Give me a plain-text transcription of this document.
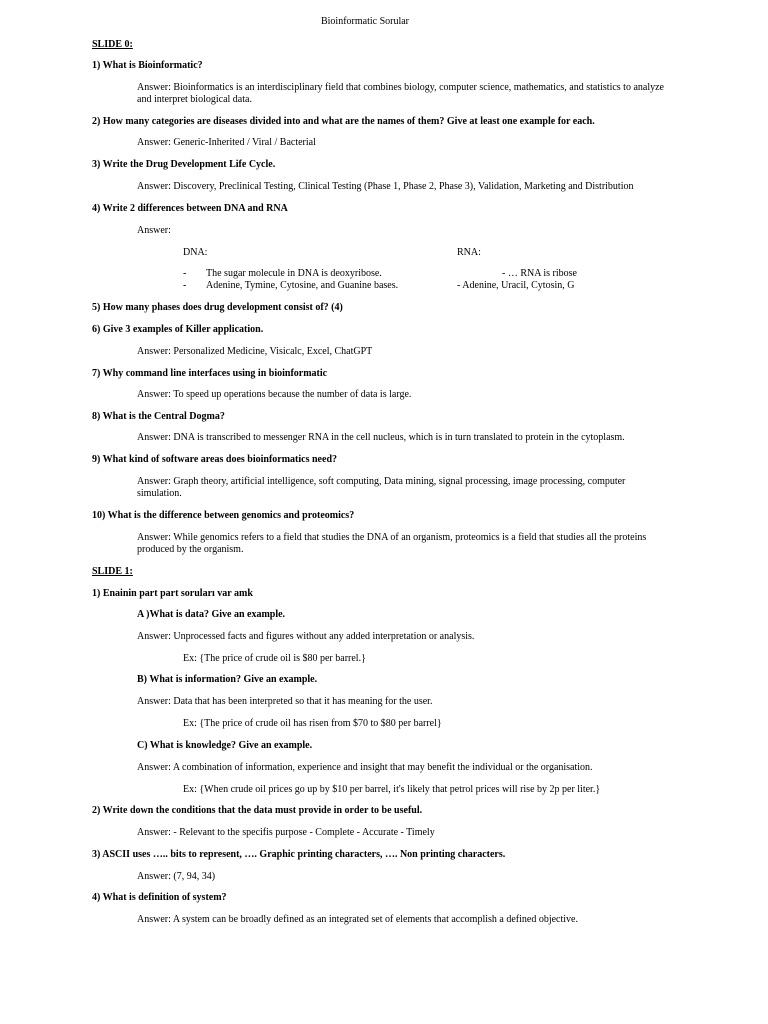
Bioinformatic Sorular
SLIDE 0:
1) What is Bioinformatic?
Answer: Bioinformatics is an interdisciplinary field that combines biology, computer science, mathematics, and statistics to analyze and interpret biological data.
2) How many categories are diseases divided into and what are the names of them? Give at least one example for each.
Answer: Generic-Inherited / Viral / Bacterial
3) Write the Drug Development Life Cycle.
Answer: Discovery, Preclinical Testing, Clinical Testing (Phase 1, Phase 2, Phase 3), Validation, Marketing and Distribution
4) Write 2 differences between DNA and RNA
Answer:
DNA:	RNA:
- The sugar molecule in DNA is deoxyribose.	- … RNA is ribose
- Adenine, Tymine, Cytosine, and Guanine bases.	- Adenine, Uracil, Cytosin, G
5) How many phases does drug development consist of? (4)
6) Give 3 examples of Killer application.
Answer: Personalized Medicine, Visicalc, Excel, ChatGPT
7) Why command line interfaces using in bioinformatic
Answer: To speed up operations because the number of data is large.
8) What is the Central Dogma?
Answer: DNA is transcribed to messenger RNA in the cell nucleus, which is in turn translated to protein in the cytoplasm.
9) What kind of software areas does bioinformatics need?
Answer: Graph theory, artificial intelligence, soft computing, Data mining, signal processing, image processing, computer simulation.
10) What is the difference between genomics and proteomics?
Answer: While genomics refers to a field that studies the DNA of an organism, proteomics is a field that studies all the proteins produced by the organism.
SLIDE 1:
1) Enainin part part soruları var amk
A )What is data? Give an example.
Answer: Unprocessed facts and figures without any added interpretation or analysis.
Ex: {The price of crude oil is $80 per barrel.}
B) What is information? Give an example.
Answer: Data that has been interpreted so that it has meaning for the user.
Ex: {The price of crude oil has risen from $70 to $80 per barrel}
C) What is knowledge? Give an example.
Answer: A combination of information, experience and insight that may benefit the individual or the organisation.
Ex: {When crude oil prices go up by $10 per barrel, it's likely that petrol prices will rise by 2p per liter.}
2) Write down the conditions that the data must provide in order to be useful.
Answer: - Relevant to the specifis purpose - Complete - Accurate - Timely
3) ASCII uses ….. bits to represent, …. Graphic printing characters, …. Non printing characters.
Answer: (7, 94, 34)
4) What is definition of system?
Answer: A system can be broadly defined as an integrated set of elements that accomplish a defined objective.
